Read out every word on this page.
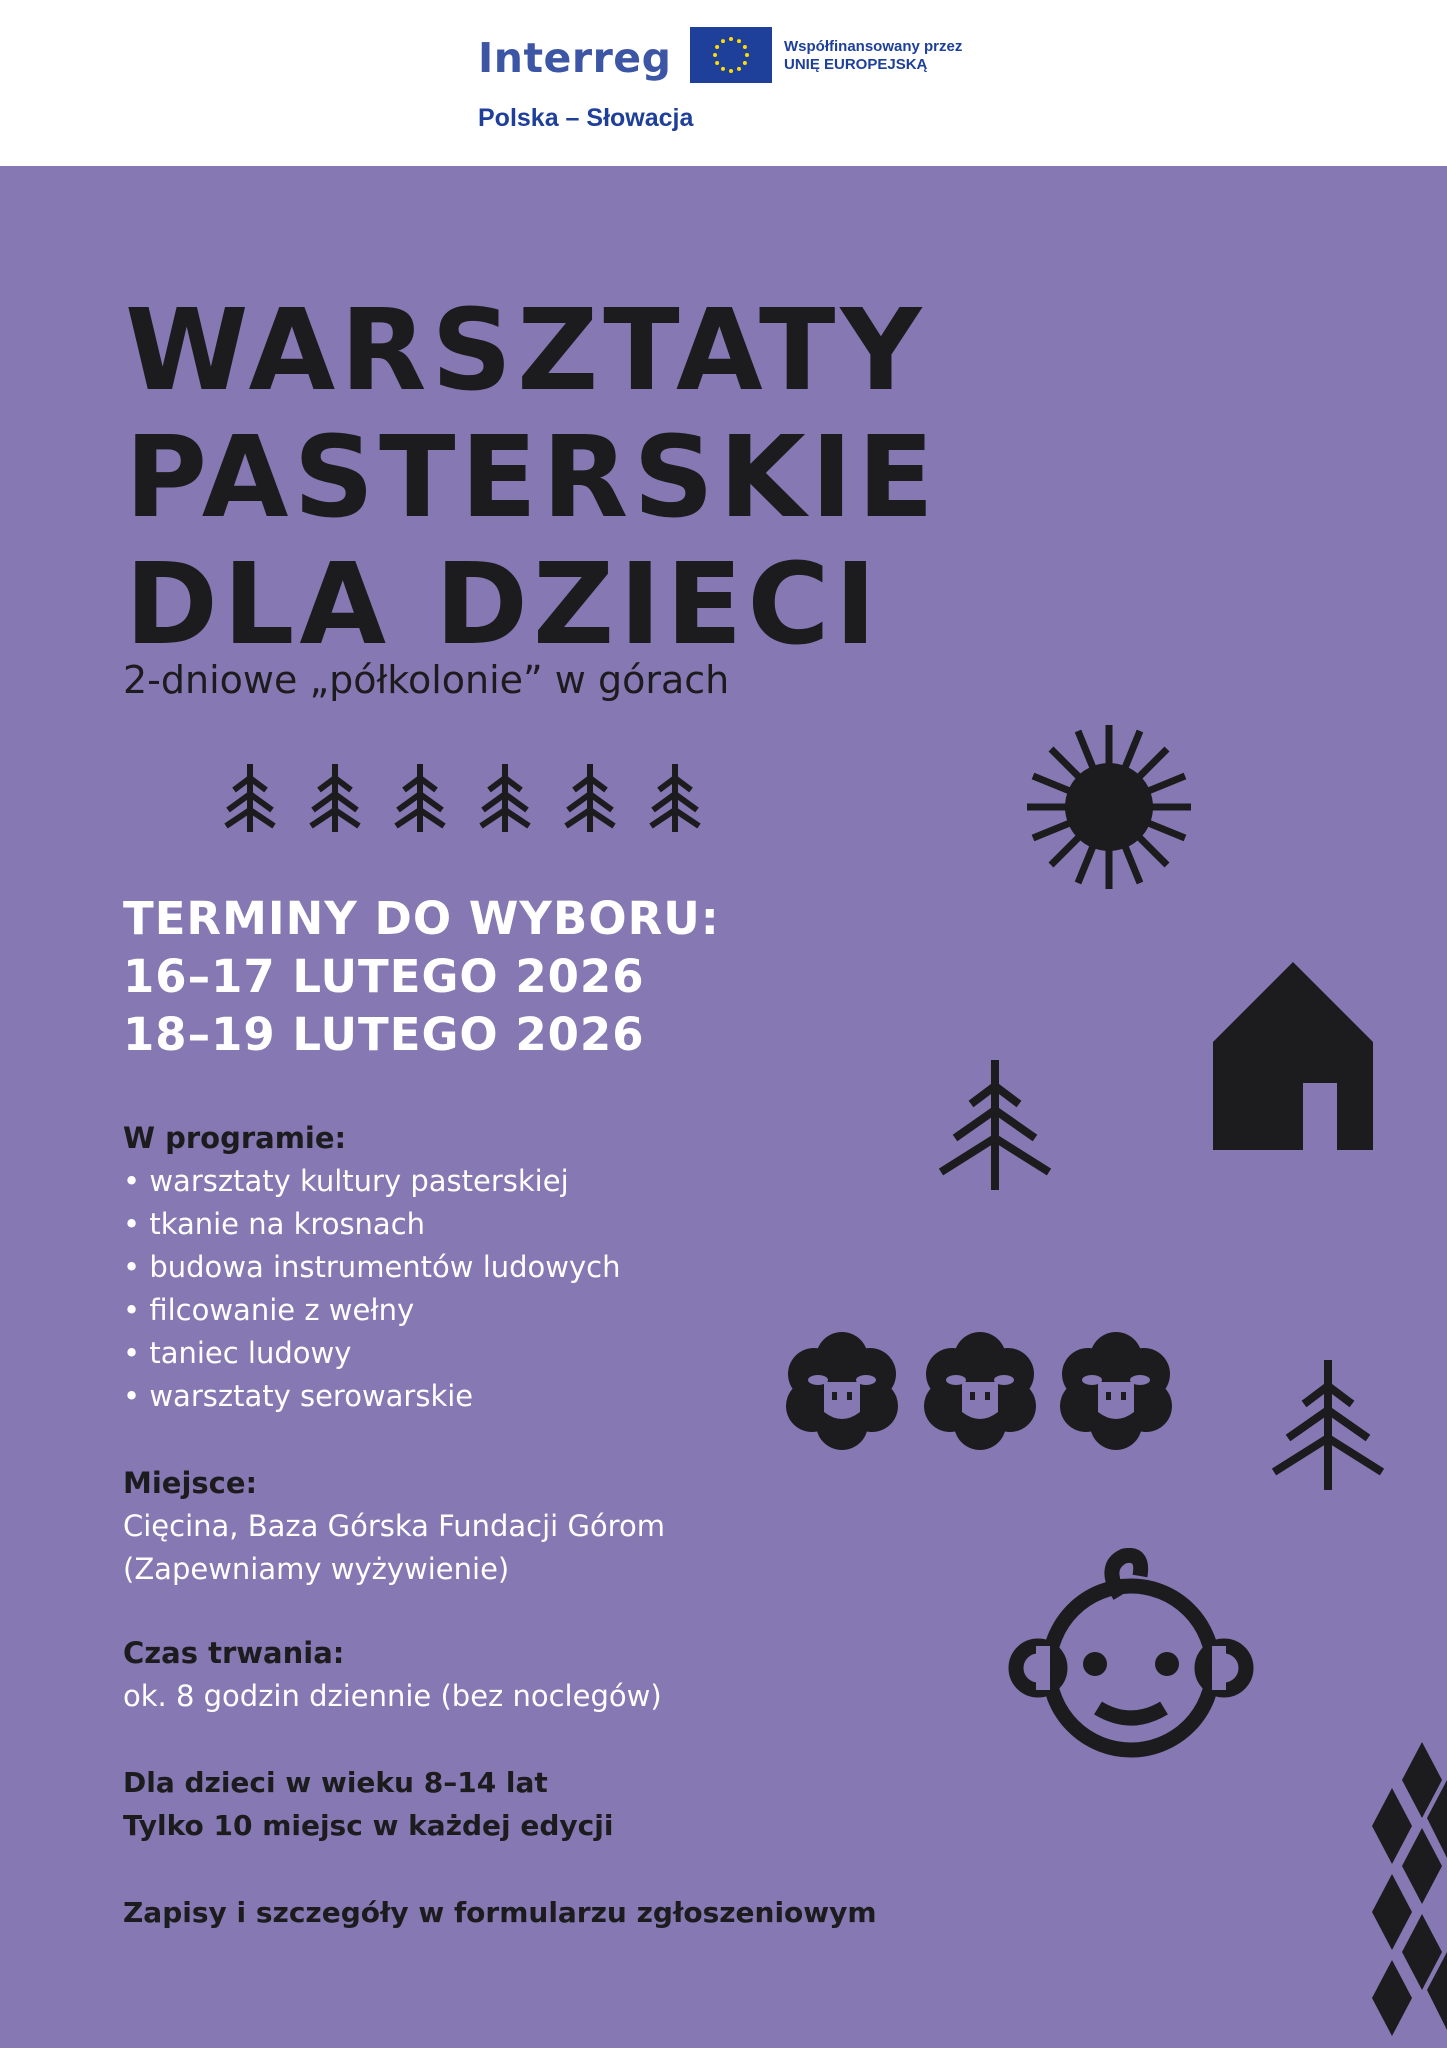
Interreg	Współfinansowany przez
UNIĘ EUROPEJSKĄ
Polska – Słowacja
WARSZTATY
PASTERSKIE
DLA DZIECI
2-dniowe „półkolonie” w górach
TERMINY DO WYBORU:
16–17 LUTEGO 2026
18–19 LUTEGO 2026
W programie:
• warsztaty kultury pasterskiej
• tkanie na krosnach
• budowa instrumentów ludowych
• filcowanie z wełny
• taniec ludowy
• warsztaty serowarskie
Miejsce:
Cięcina, Baza Górska Fundacji Górom
(Zapewniamy wyżywienie)
Czas trwania:
ok. 8 godzin dziennie (bez noclegów)
Dla dzieci w wieku 8–14 lat
Tylko 10 miejsc w każdej edycji
Zapisy i szczegóły w formularzu zgłoszeniowym
